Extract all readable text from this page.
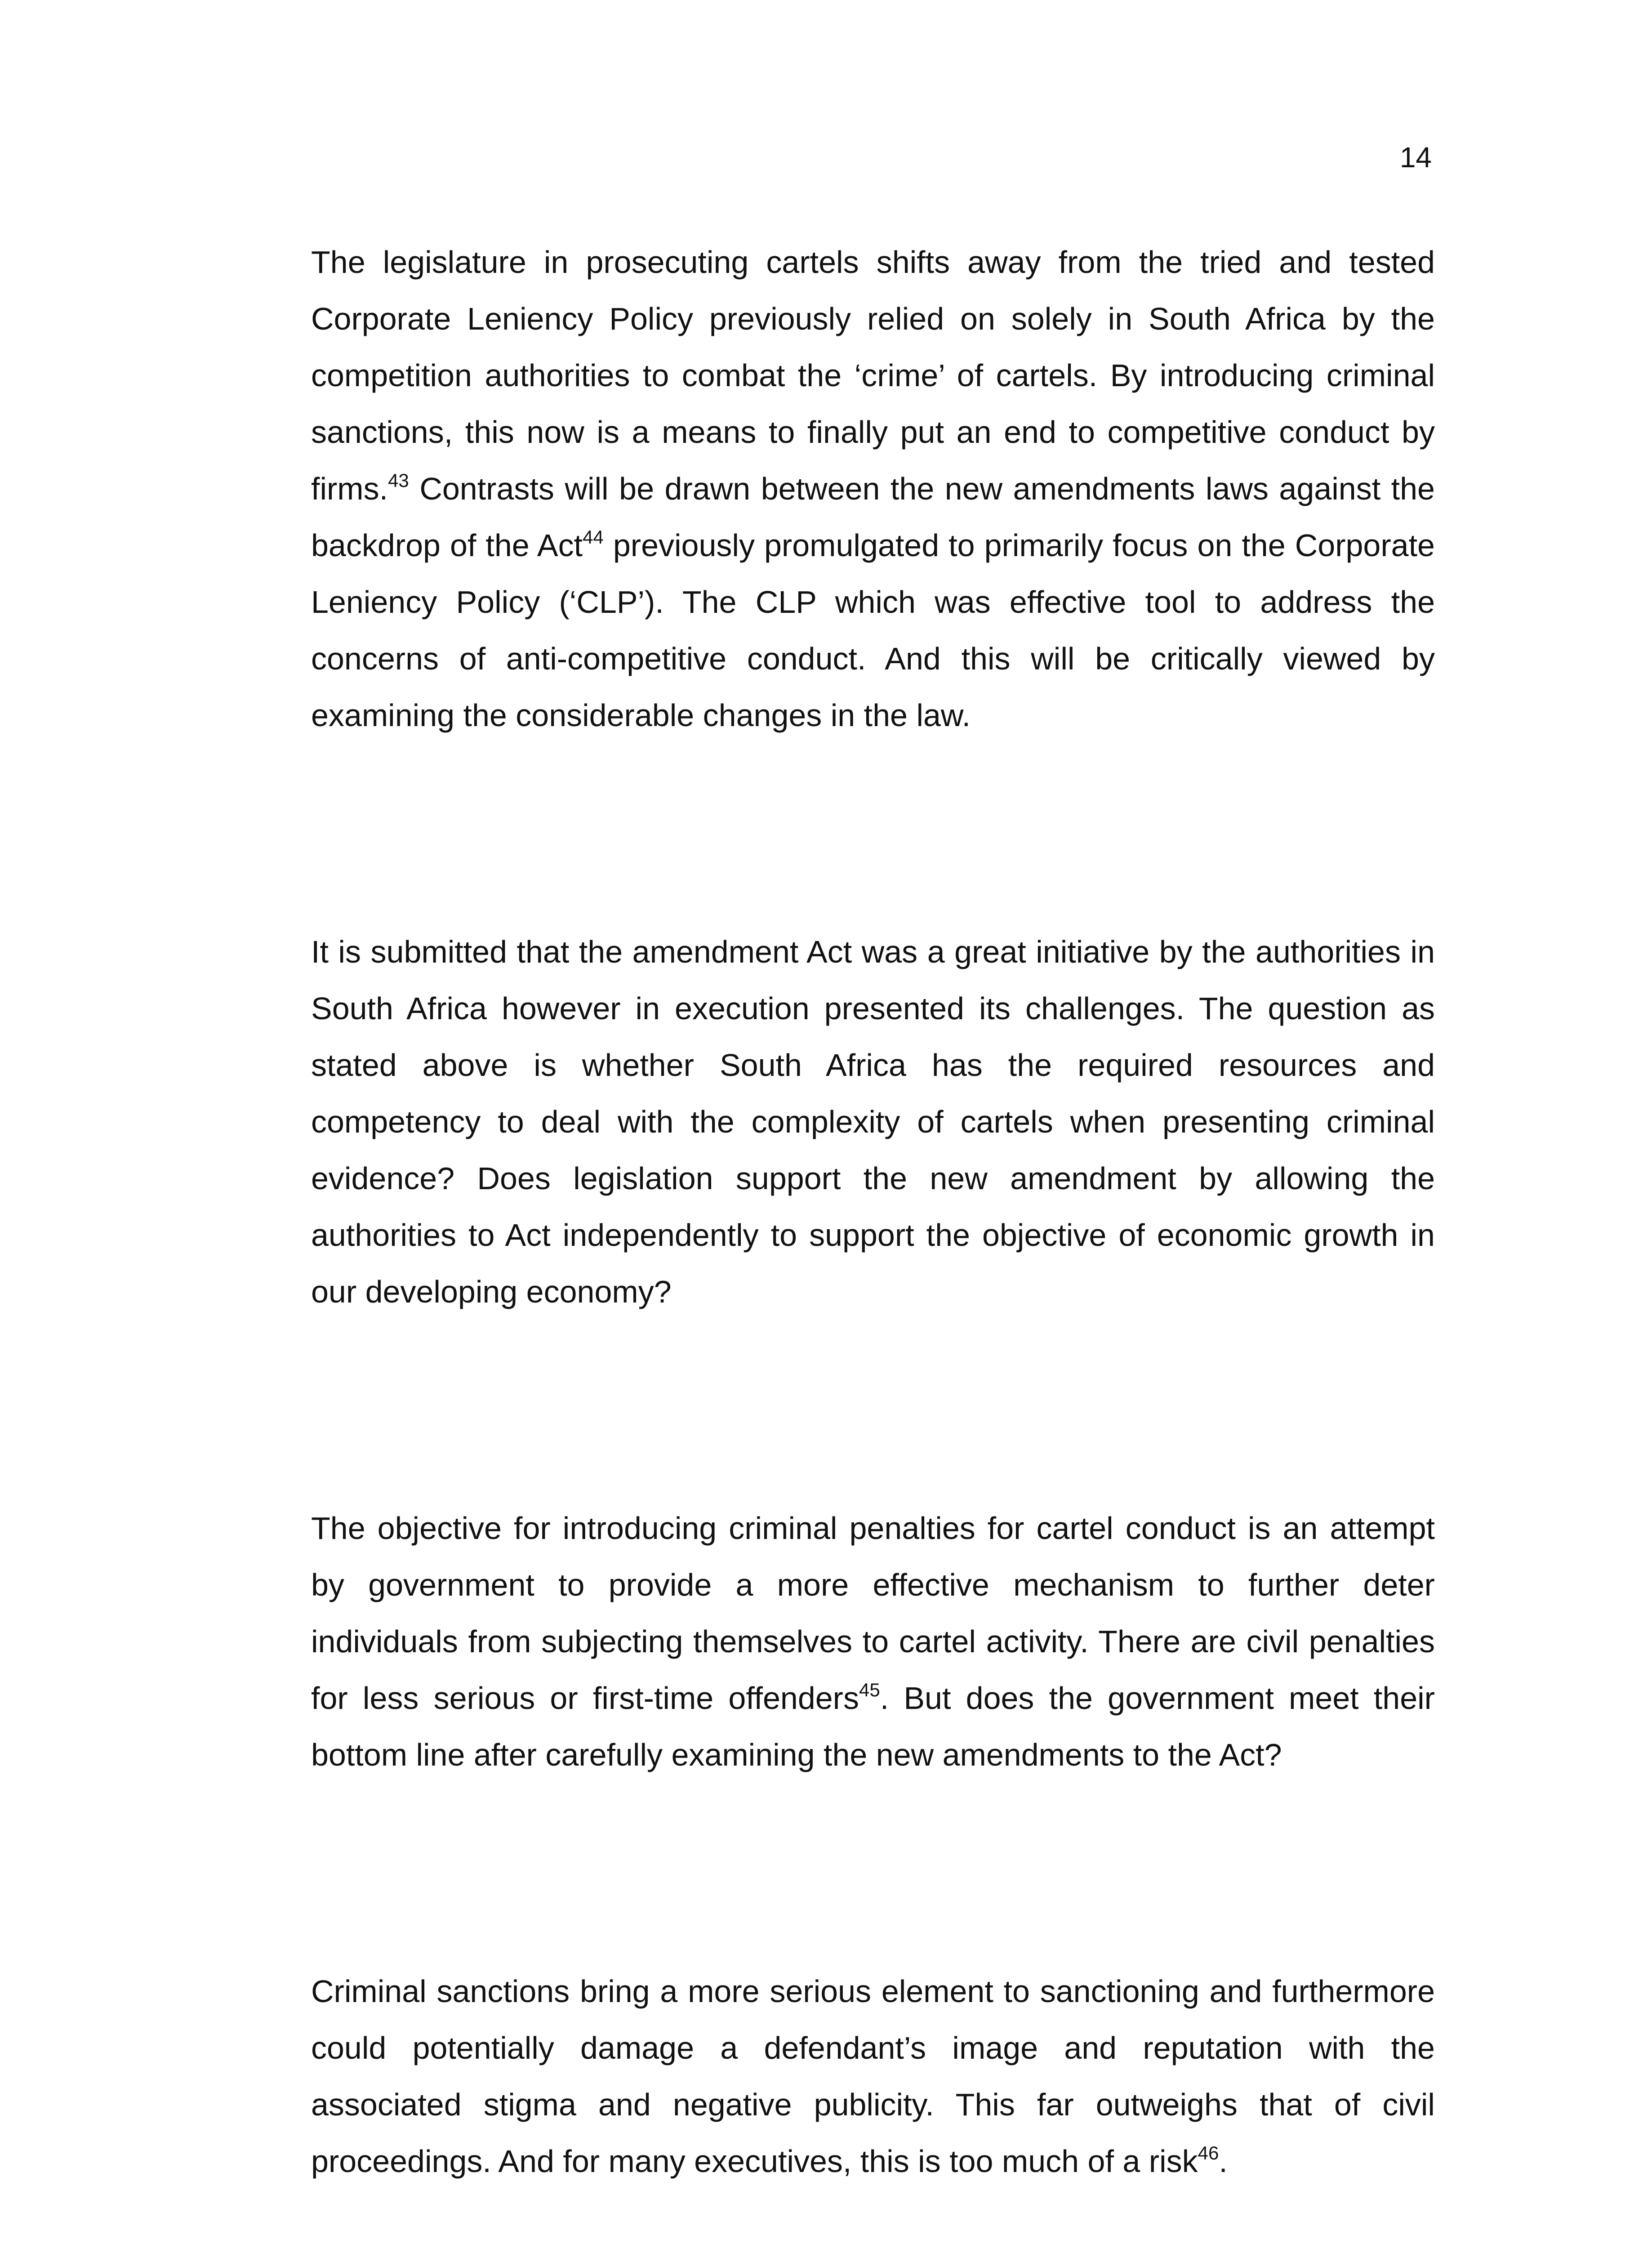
14

The legislature in prosecuting cartels shifts away from the tried and tested Corporate Leniency Policy previously relied on solely in South Africa by the competition authorities to combat the ‘crime’ of cartels. By introducing criminal sanctions, this now is a means to finally put an end to competitive conduct by firms.$^{43}$ Contrasts will be drawn between the new amendments laws against the backdrop of the Act$^{44}$ previously promulgated to primarily focus on the Corporate Leniency Policy (‘CLP’). The CLP which was effective tool to address the concerns of anti-competitive conduct. And this will be critically viewed by examining the considerable changes in the law.

It is submitted that the amendment Act was a great initiative by the authorities in South Africa however in execution presented its challenges. The question as stated above is whether South Africa has the required resources and competency to deal with the complexity of cartels when presenting criminal evidence? Does legislation support the new amendment by allowing the authorities to Act independently to support the objective of economic growth in our developing economy?

The objective for introducing criminal penalties for cartel conduct is an attempt by government to provide a more effective mechanism to further deter individuals from subjecting themselves to cartel activity. There are civil penalties for less serious or first-time offenders$^{45}$. But does the government meet their bottom line after carefully examining the new amendments to the Act?

Criminal sanctions bring a more serious element to sanctioning and furthermore could potentially damage a defendant’s image and reputation with the associated stigma and negative publicity. This far outweighs that of civil proceedings. And for many executives, this is too much of a risk$^{46}$.
